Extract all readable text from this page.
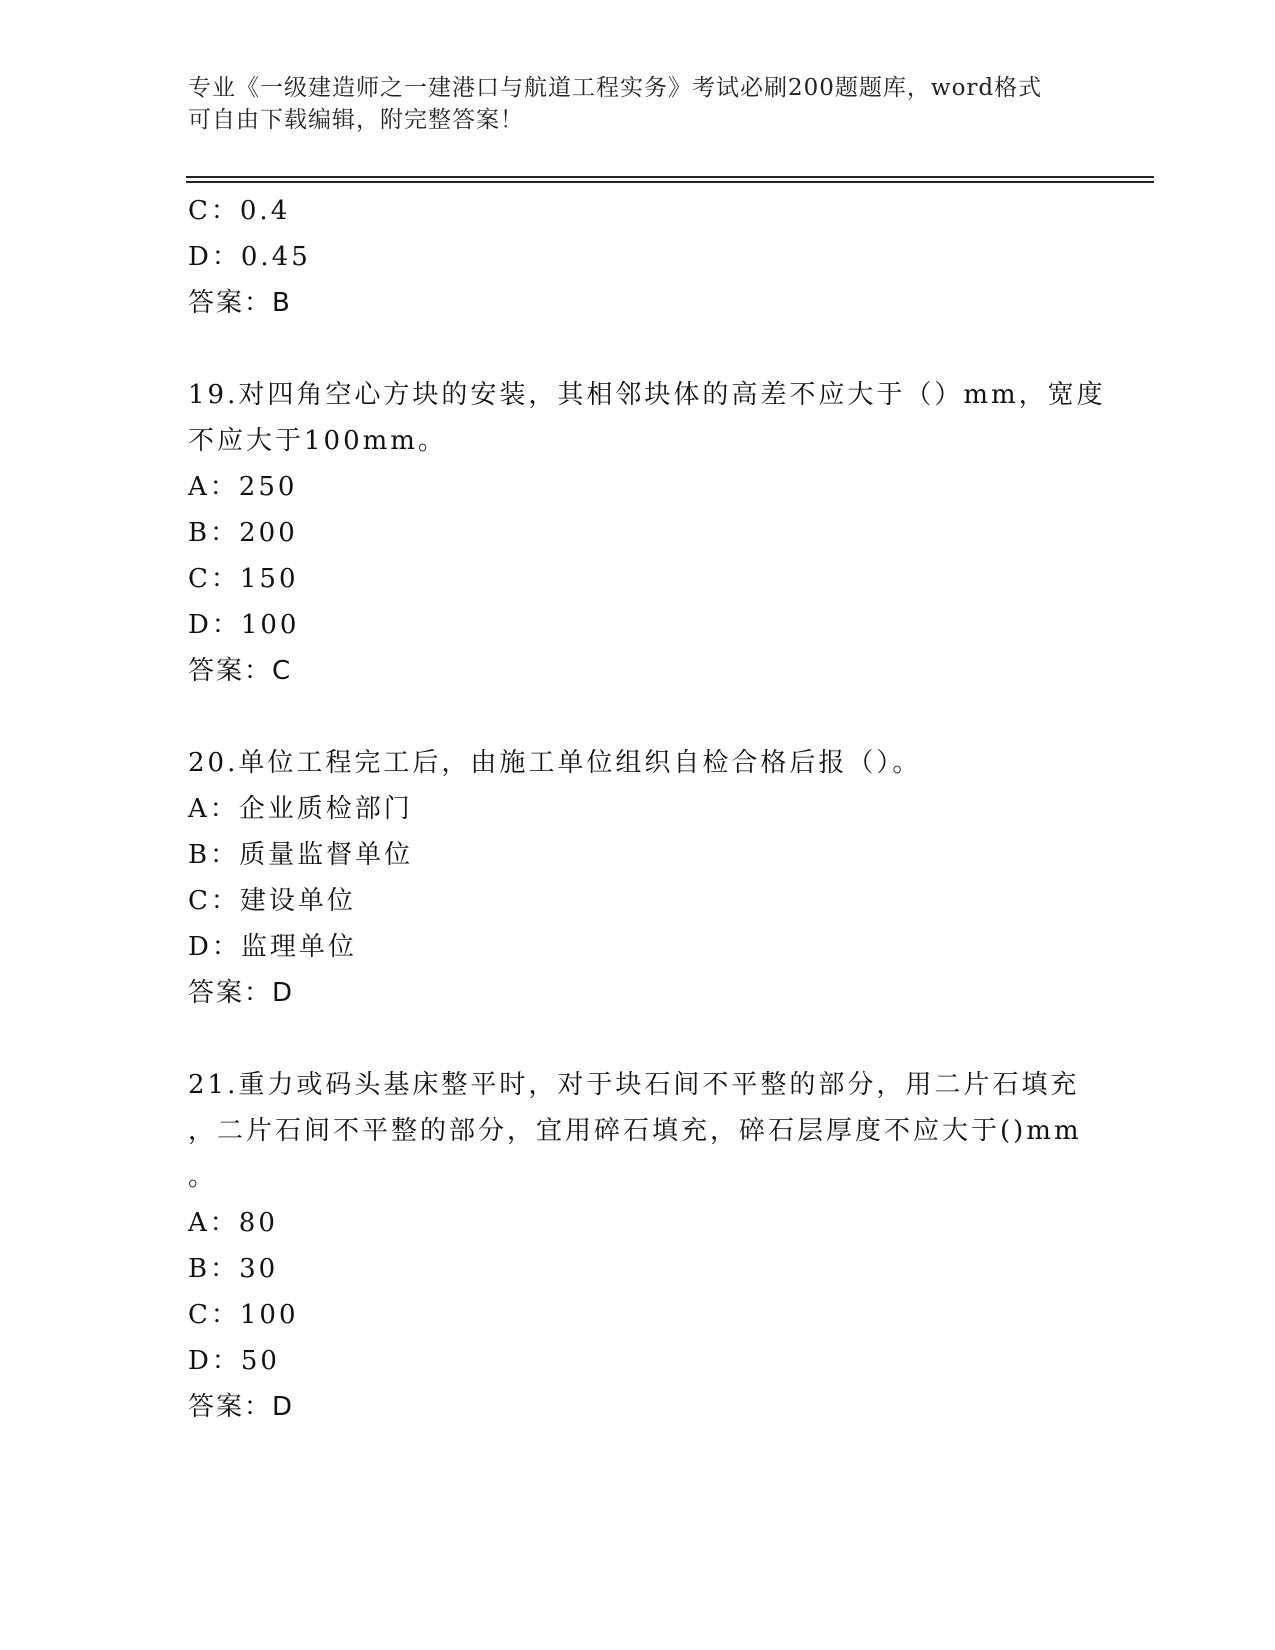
专业《一级建造师之一建港口与航道工程实务》考试必刷200题题库，word格式
可自由下载编辑，附完整答案！
C：0.4
D：0.45
答案：B
19.对四角空心方块的安装，其相邻块体的高差不应大于（）mm，宽度
不应大于100mm。
A：250
B：200
C：150
D：100
答案：C
20.单位工程完工后，由施工单位组织自检合格后报（）。
A：企业质检部门
B：质量监督单位
C：建设单位
D：监理单位
答案：D
21.重力或码头基床整平时，对于块石间不平整的部分，用二片石填充
，二片石间不平整的部分，宜用碎石填充，碎石层厚度不应大于()mm
。
A：80
B：30
C：100
D：50
答案：D
